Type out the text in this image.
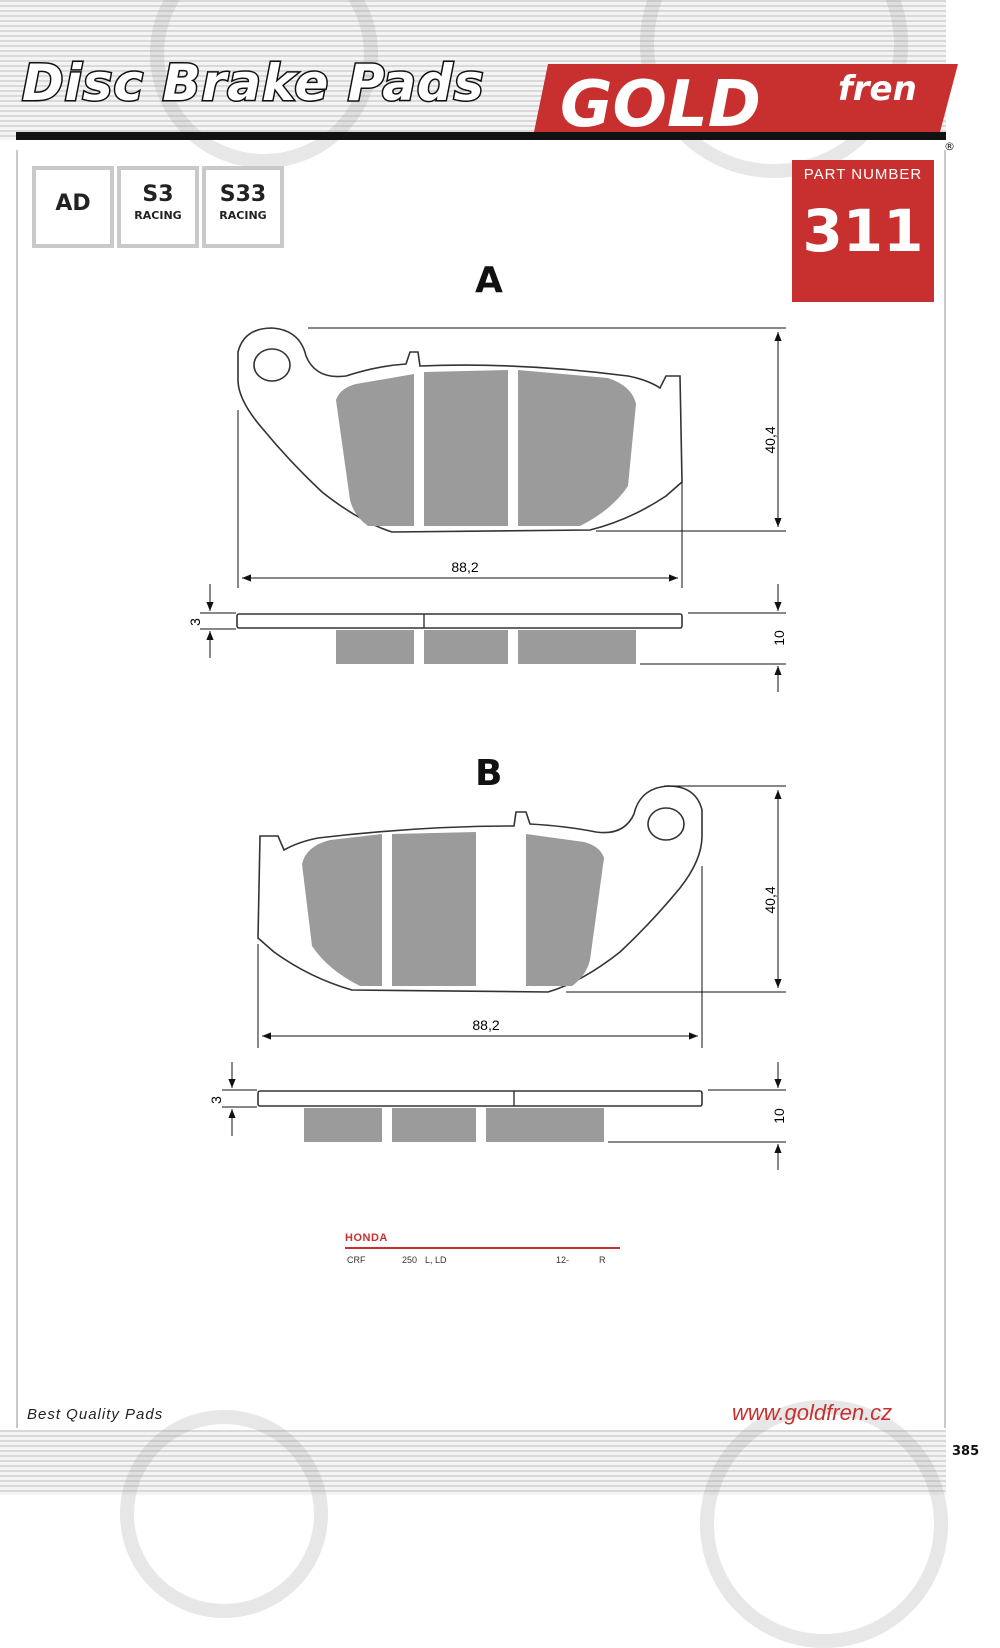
Disc Brake Pads GOLD fren
®
AD	S3
RACING
S33
RACING
PART NUMBER
311
A
B
40,4
88,2
3
10
40,4
88,2
3
10
HONDA
CRF	250 L, LD	12-	R
Best Quality Pads	www.goldfren.cz
385
